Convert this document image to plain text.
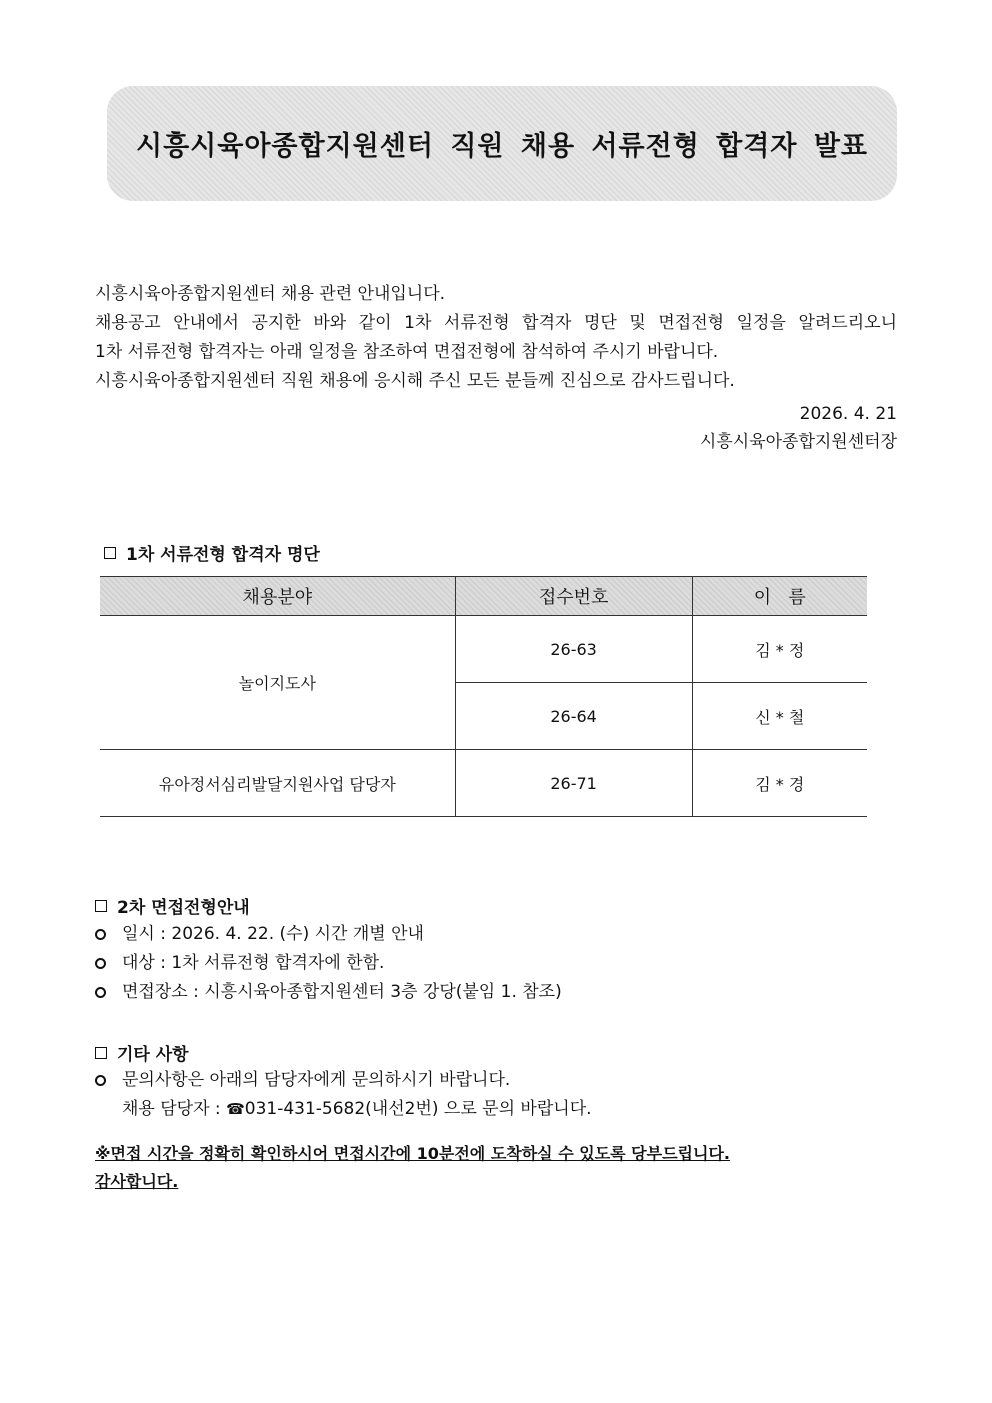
시흥시육아종합지원센터 직원 채용 서류전형 합격자 발표

시흥시육아종합지원센터 채용 관련 안내입니다.

채용공고 안내에서 공지한 바와 같이 1차 서류전형 합격자 명단 및 면접전형 일정을 알려드리오니

1차 서류전형 합격자는 아래 일정을 참조하여 면접전형에 참석하여 주시기 바랍니다.

시흥시육아종합지원센터 직원 채용에 응시해 주신 모든 분들께 진심으로 감사드립니다.

2026. 4. 21
시흥시육아종합지원센터장
1차 서류전형 합격자 명단
채용분야	접수번호	이   름
놀이지도사	26-63	김 * 정
	26-64	신 * 철
유아정서심리발달지원사업 담당자	26-71	김 * 경
2차 면접전형안내
일시 : 2026. 4. 22. (수) 시간 개별 안내
대상 : 1차 서류전형 합격자에 한함.
면접장소 : 시흥시육아종합지원센터 3층 강당(붙임 1. 참조)
기타 사항
문의사항은 아래의 담당자에게 문의하시기 바랍니다.
채용 담당자 : ☎031-431-5682(내선2번) 으로 문의 바랍니다.
※면접 시간을 정확히 확인하시어 면접시간에 10분전에 도착하실 수 있도록 당부드립니다.
감사합니다.
